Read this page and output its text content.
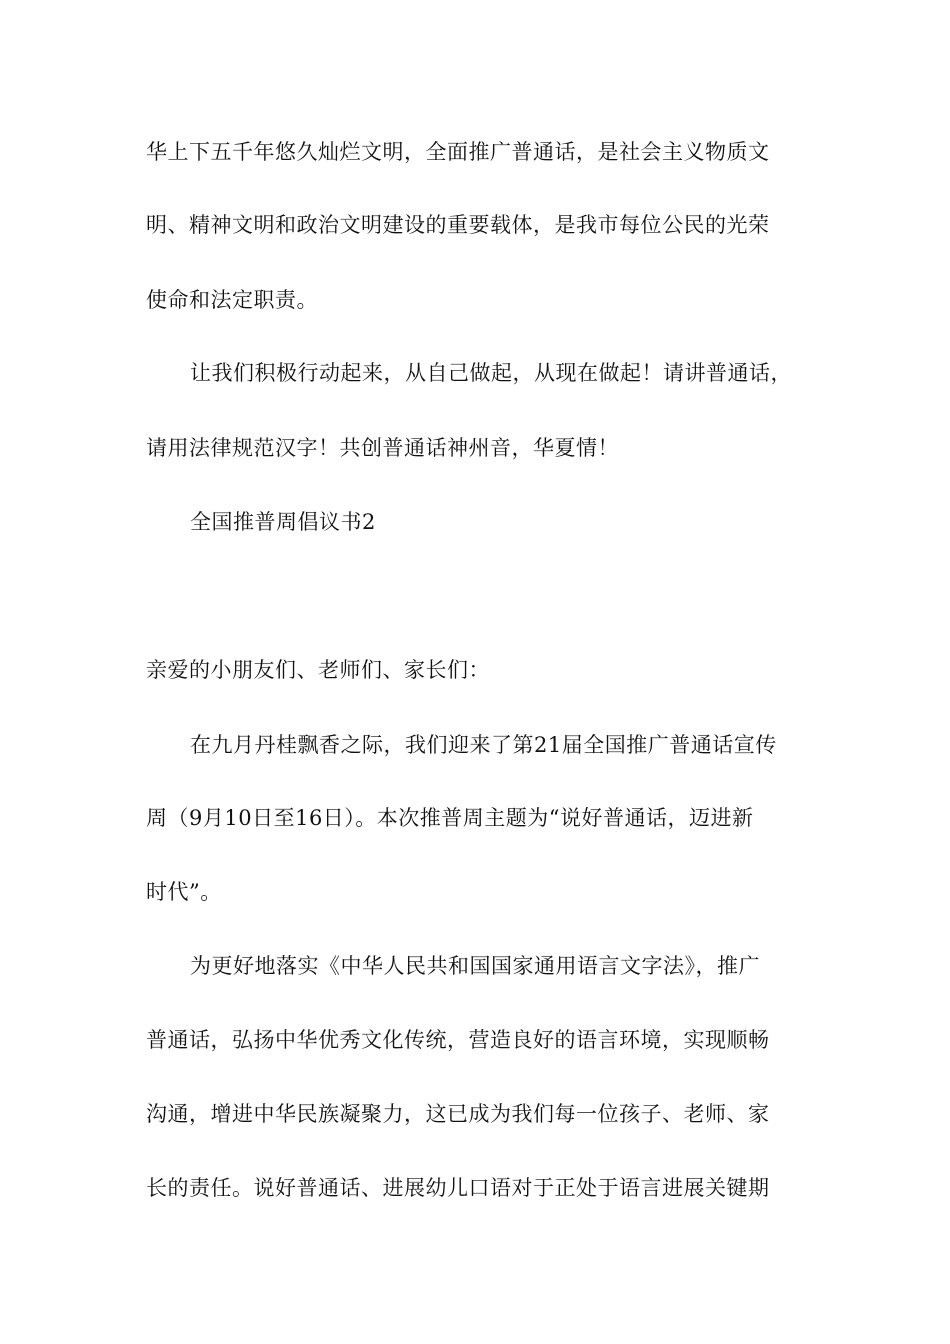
华上下五千年悠久灿烂文明，全面推广普通话，是社会主义物质文
明、精神文明和政治文明建设的重要载体，是我市每位公民的光荣
使命和法定职责。
让我们积极行动起来，从自己做起，从现在做起！请讲普通话，
请用法律规范汉字！共创普通话神州音，华夏情！
全国推普周倡议书2
亲爱的小朋友们、老师们、家长们：
在九月丹桂飘香之际，我们迎来了第21届全国推广普通话宣传
周（9月10日至16日）。本次推普周主题为“说好普通话，迈进新
时代”。
为更好地落实《中华人民共和国国家通用语言文字法》，推广
普通话，弘扬中华优秀文化传统，营造良好的语言环境，实现顺畅
沟通，增进中华民族凝聚力，这已成为我们每一位孩子、老师、家
长的责任。说好普通话、进展幼儿口语对于正处于语言进展关键期
